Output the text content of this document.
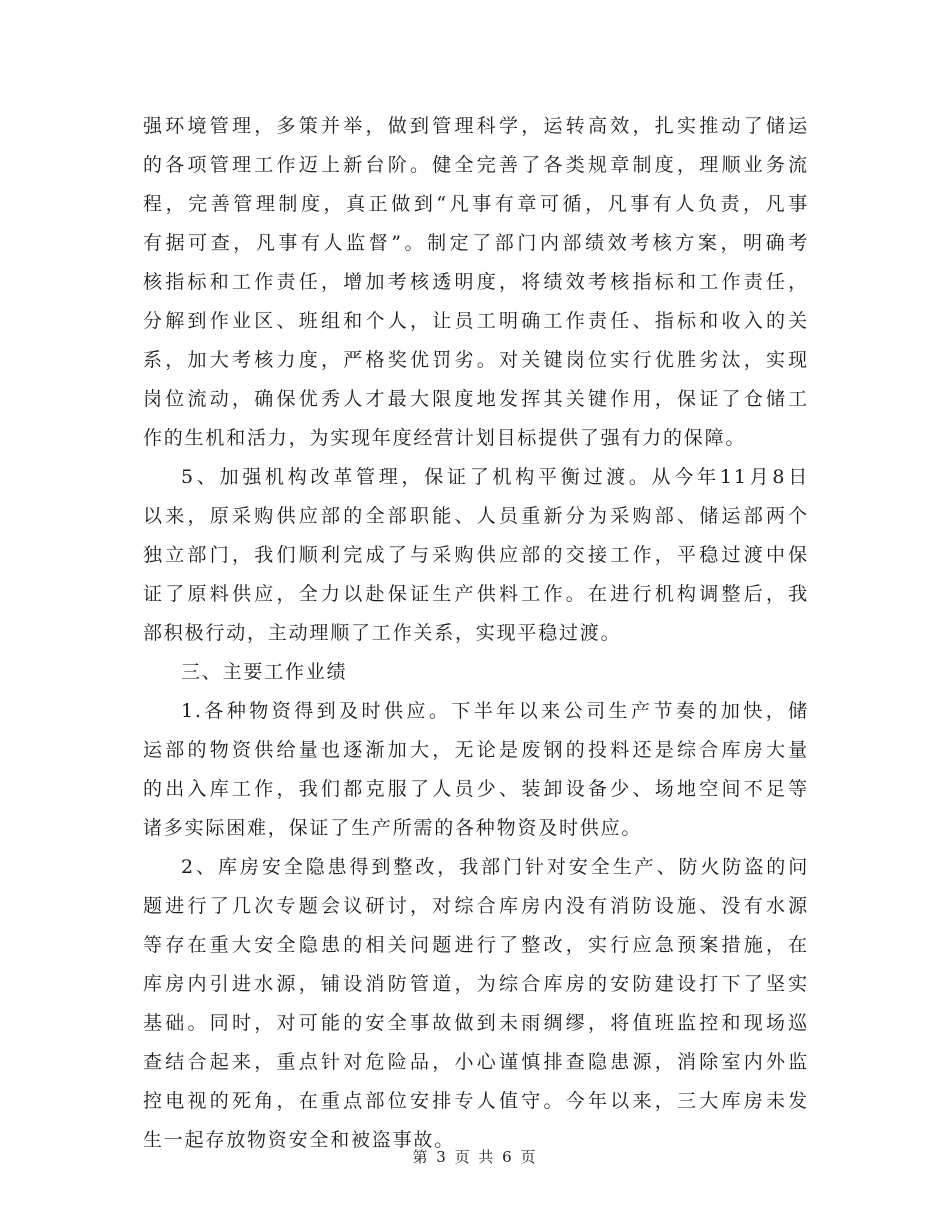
强环境管理，多策并举，做到管理科学，运转高效，扎实推动了储运
的各项管理工作迈上新台阶。健全完善了各类规章制度，理顺业务流
程，完善管理制度，真正做到“凡事有章可循，凡事有人负责，凡事
有据可查，凡事有人监督”。制定了部门内部绩效考核方案，明确考
核指标和工作责任，增加考核透明度，将绩效考核指标和工作责任，
分解到作业区、班组和个人，让员工明确工作责任、指标和收入的关
系，加大考核力度，严格奖优罚劣。对关键岗位实行优胜劣汰，实现
岗位流动，确保优秀人才最大限度地发挥其关键作用，保证了仓储工
作的生机和活力，为实现年度经营计划目标提供了强有力的保障。
5、加强机构改革管理，保证了机构平衡过渡。从今年11月8日
以来，原采购供应部的全部职能、人员重新分为采购部、储运部两个
独立部门，我们顺利完成了与采购供应部的交接工作，平稳过渡中保
证了原料供应，全力以赴保证生产供料工作。在进行机构调整后，我
部积极行动，主动理顺了工作关系，实现平稳过渡。
三、主要工作业绩
1.各种物资得到及时供应。下半年以来公司生产节奏的加快，储
运部的物资供给量也逐渐加大，无论是废钢的投料还是综合库房大量
的出入库工作，我们都克服了人员少、装卸设备少、场地空间不足等
诸多实际困难，保证了生产所需的各种物资及时供应。
2、库房安全隐患得到整改，我部门针对安全生产、防火防盗的问
题进行了几次专题会议研讨，对综合库房内没有消防设施、没有水源
等存在重大安全隐患的相关问题进行了整改，实行应急预案措施，在
库房内引进水源，铺设消防管道，为综合库房的安防建设打下了坚实
基础。同时，对可能的安全事故做到未雨绸缪，将值班监控和现场巡
查结合起来，重点针对危险品，小心谨慎排查隐患源，消除室内外监
控电视的死角，在重点部位安排专人值守。今年以来，三大库房未发
生一起存放物资安全和被盗事故。
第 3 页 共 6 页
